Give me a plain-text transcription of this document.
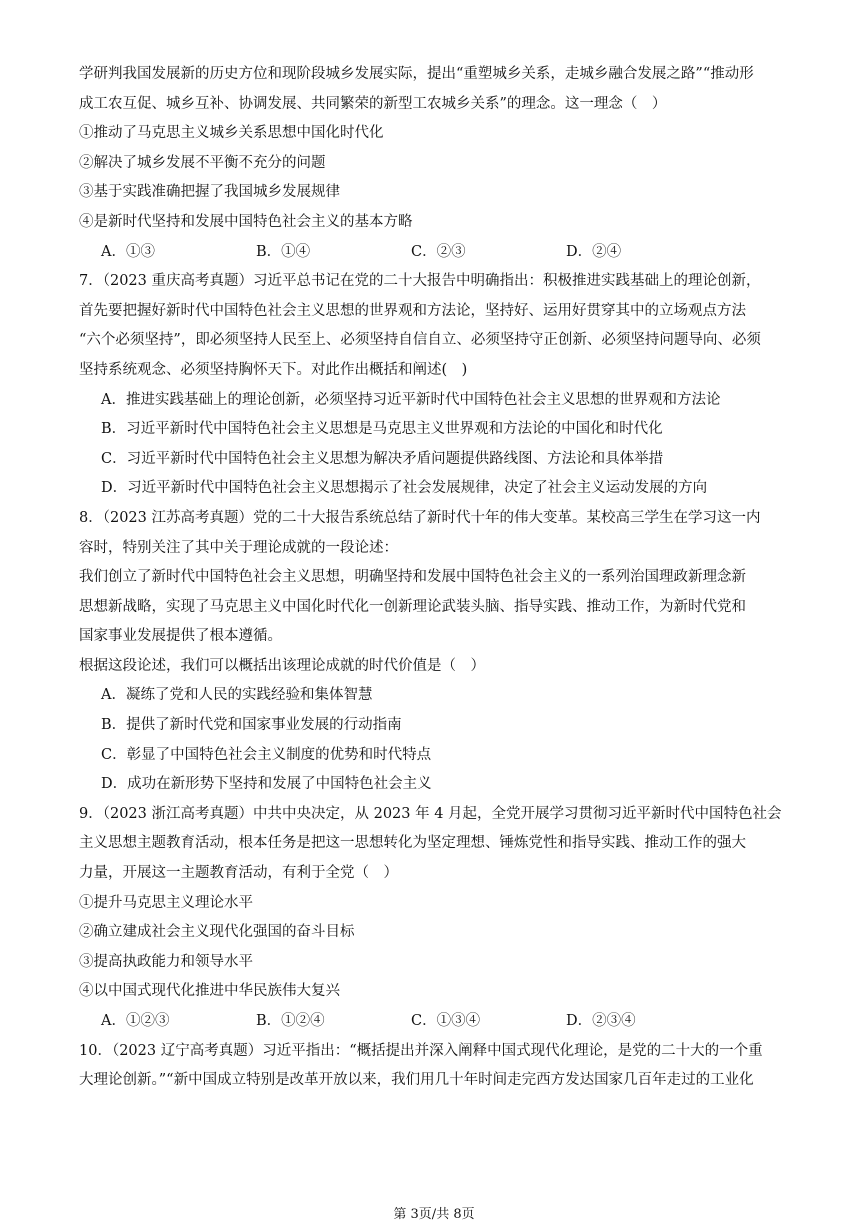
学研判我国发展新的历史方位和现阶段城乡发展实际，提出“重塑城乡关系，走城乡融合发展之路”“推动形
成工农互促、城乡互补、协调发展、共同繁荣的新型工农城乡关系”的理念。这一理念（　）
①推动了马克思主义城乡关系思想中国化时代化
②解决了城乡发展不平衡不充分的问题
③基于实践准确把握了我国城乡发展规律
④是新时代坚持和发展中国特色社会主义的基本方略
A．①③	B．①④	C．②③	D．②④
7．（2023 重庆高考真题）习近平总书记在党的二十大报告中明确指出：积极推进实践基础上的理论创新，
首先要把握好新时代中国特色社会主义思想的世界观和方法论，坚持好、运用好贯穿其中的立场观点方法
“六个必须坚持”，即必须坚持人民至上、必须坚持自信自立、必须坚持守正创新、必须坚持问题导向、必须
坚持系统观念、必须坚持胸怀天下。对此作出概括和阐述(　)
A．推进实践基础上的理论创新，必须坚持习近平新时代中国特色社会主义思想的世界观和方法论
B．习近平新时代中国特色社会主义思想是马克思主义世界观和方法论的中国化和时代化
C．习近平新时代中国特色社会主义思想为解决矛盾问题提供路线图、方法论和具体举措
D．习近平新时代中国特色社会主义思想揭示了社会发展规律，决定了社会主义运动发展的方向
8．（2023 江苏高考真题）党的二十大报告系统总结了新时代十年的伟大变革。某校高三学生在学习这一内
容时，特别关注了其中关于理论成就的一段论述：
我们创立了新时代中国特色社会主义思想，明确坚持和发展中国特色社会主义的一系列治国理政新理念新
思想新战略，实现了马克思主义中国化时代化一创新理论武装头脑、指导实践、推动工作，为新时代党和
国家事业发展提供了根本遵循。
根据这段论述，我们可以概括出该理论成就的时代价值是（　）
A．凝练了党和人民的实践经验和集体智慧
B．提供了新时代党和国家事业发展的行动指南
C．彰显了中国特色社会主义制度的优势和时代特点
D．成功在新形势下坚持和发展了中国特色社会主义
9．（2023 浙江高考真题）中共中央决定，从 2023 年 4 月起，全党开展学习贯彻习近平新时代中国特色社会
主义思想主题教育活动，根本任务是把这一思想转化为坚定理想、锤炼党性和指导实践、推动工作的强大
力量，开展这一主题教育活动，有利于全党（　）
①提升马克思主义理论水平
②确立建成社会主义现代化强国的奋斗目标
③提高执政能力和领导水平
④以中国式现代化推进中华民族伟大复兴
A．①②③	B．①②④	C．①③④	D．②③④
10．（2023 辽宁高考真题）习近平指出：“概括提出并深入阐释中国式现代化理论，是党的二十大的一个重
大理论创新。”“新中国成立特别是改革开放以来，我们用几十年时间走完西方发达国家几百年走过的工业化
第 3页/共 8页
